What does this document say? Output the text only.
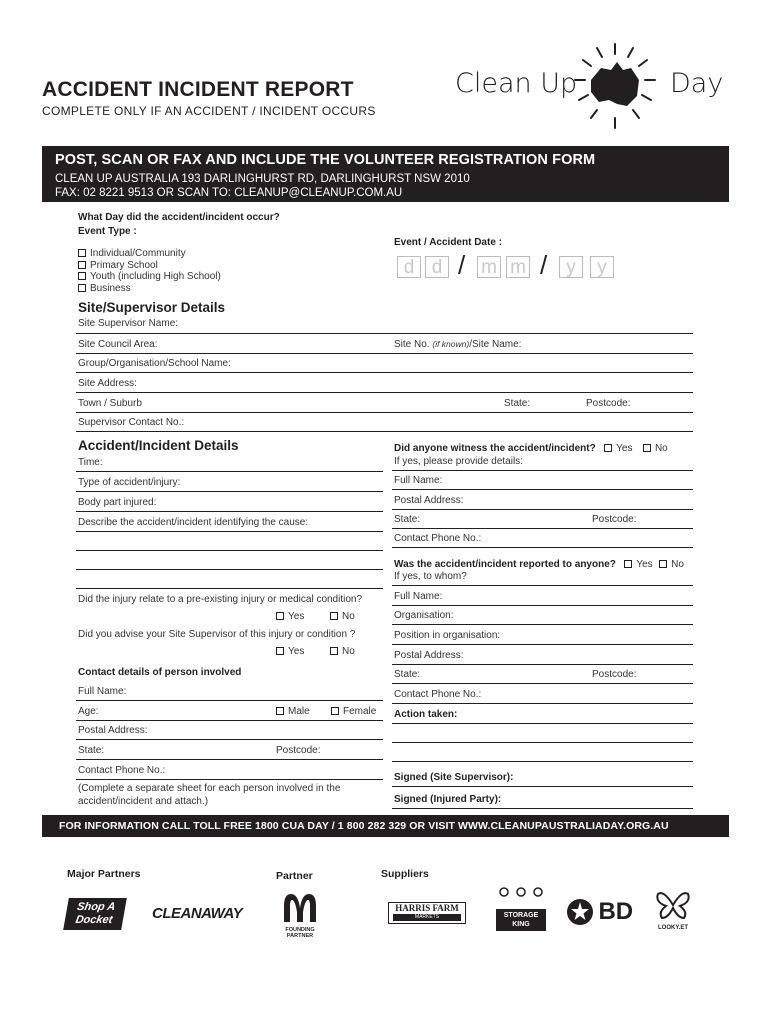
ACCIDENT INCIDENT REPORT
COMPLETE ONLY IF AN ACCIDENT / INCIDENT OCCURS
Clean Up	Day
POST, SCAN OR FAX AND INCLUDE THE VOLUNTEER REGISTRATION FORM
CLEAN UP AUSTRALIA 193 DARLINGHURST RD, DARLINGHURST NSW 2010
FAX: 02 8221 9513 OR SCAN TO: CLEANUP@CLEANUP.COM.AU
What Day did the accident/incident occur?
Event Type :
Individual/Community
Primary School
Youth (including High School)
Business
Event / Accident Date :
d d / m m /	y	y
Site/Supervisor Details
Site Supervisor Name:
Site Council Area:	Site No. (if known)/Site Name:
Group/Organisation/School Name:
Site Address:
Town / Suburb	State:	Postcode:
Supervisor Contact No.:
Accident/Incident Details
Time:
Type of accident/injury:
Body part injured:
Describe the accident/incident identifying the cause:
Did the injury relate to a pre-existing injury or medical condition?
Yes	No
Did you advise your Site Supervisor of this injury or condition ?
Yes	No
Contact details of person involved
Full Name:
Age:	Male	Female
Postal Address:
State:	Postcode:
Contact Phone No.:
(Complete a separate sheet for each person involved in the accident/incident and attach.)
Did anyone witness the accident/incident? Yes No
If yes, please provide details:
Full Name:
Postal Address:
State:	Postcode:
Contact Phone No.:
Was the accident/incident reported to anyone? Yes No
If yes, to whom?
Full Name:
Organisation:
Position in organisation:
Postal Address:
State:	Postcode:
Contact Phone No.:
Action taken:
Signed (Site Supervisor):
Signed (Injured Party):
FOR INFORMATION CALL TOLL FREE 1800 CUA DAY / 1 800 282 329 OR VISIT WWW.CLEANUPAUSTRALIADAY.ORG.AU
Major Partners	Partner	Suppliers
Shop A Docket	CLEANAWAY
FOUNDING PARTNER
HARRIS FARM
MARKETS	STORAGE KING	BD
LOOKY.ET
